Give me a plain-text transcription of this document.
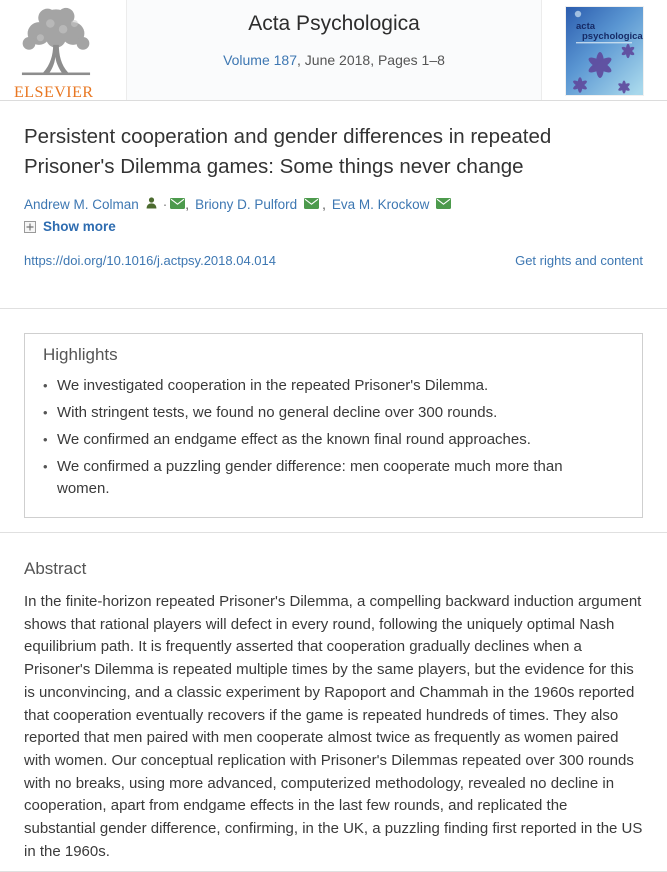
ELSEVIER
Acta Psychologica
Volume 187, June 2018, Pages 1–8
acta
psychologica
Persistent cooperation and gender differences in repeated Prisoner's Dilemma games: Some things never change
Andrew M. Colman · , Briony D. Pulford , Eva M. Krockow
Show more
https://doi.org/10.1016/j.actpsy.2018.04.014	Get rights and content
Highlights
• We investigated cooperation in the repeated Prisoner's Dilemma.
• With stringent tests, we found no general decline over 300 rounds.
• We confirmed an endgame effect as the known final round approaches.
• We confirmed a puzzling gender difference: men cooperate much more than women.
Abstract

In the finite-horizon repeated Prisoner's Dilemma, a compelling backward induction argument shows that rational players will defect in every round, following the uniquely optimal Nash equilibrium path. It is frequently asserted that cooperation gradually declines when a Prisoner's Dilemma is repeated multiple times by the same players, but the evidence for this is unconvincing, and a classic experiment by Rapoport and Chammah in the 1960s reported that cooperation eventually recovers if the game is repeated hundreds of times. They also reported that men paired with men cooperate almost twice as frequently as women paired with women. Our conceptual replication with Prisoner's Dilemmas repeated over 300 rounds with no breaks, using more advanced, computerized methodology, revealed no decline in cooperation, apart from endgame effects in the last few rounds, and replicated the substantial gender difference, confirming, in the UK, a puzzling finding first reported in the US in the 1960s.
